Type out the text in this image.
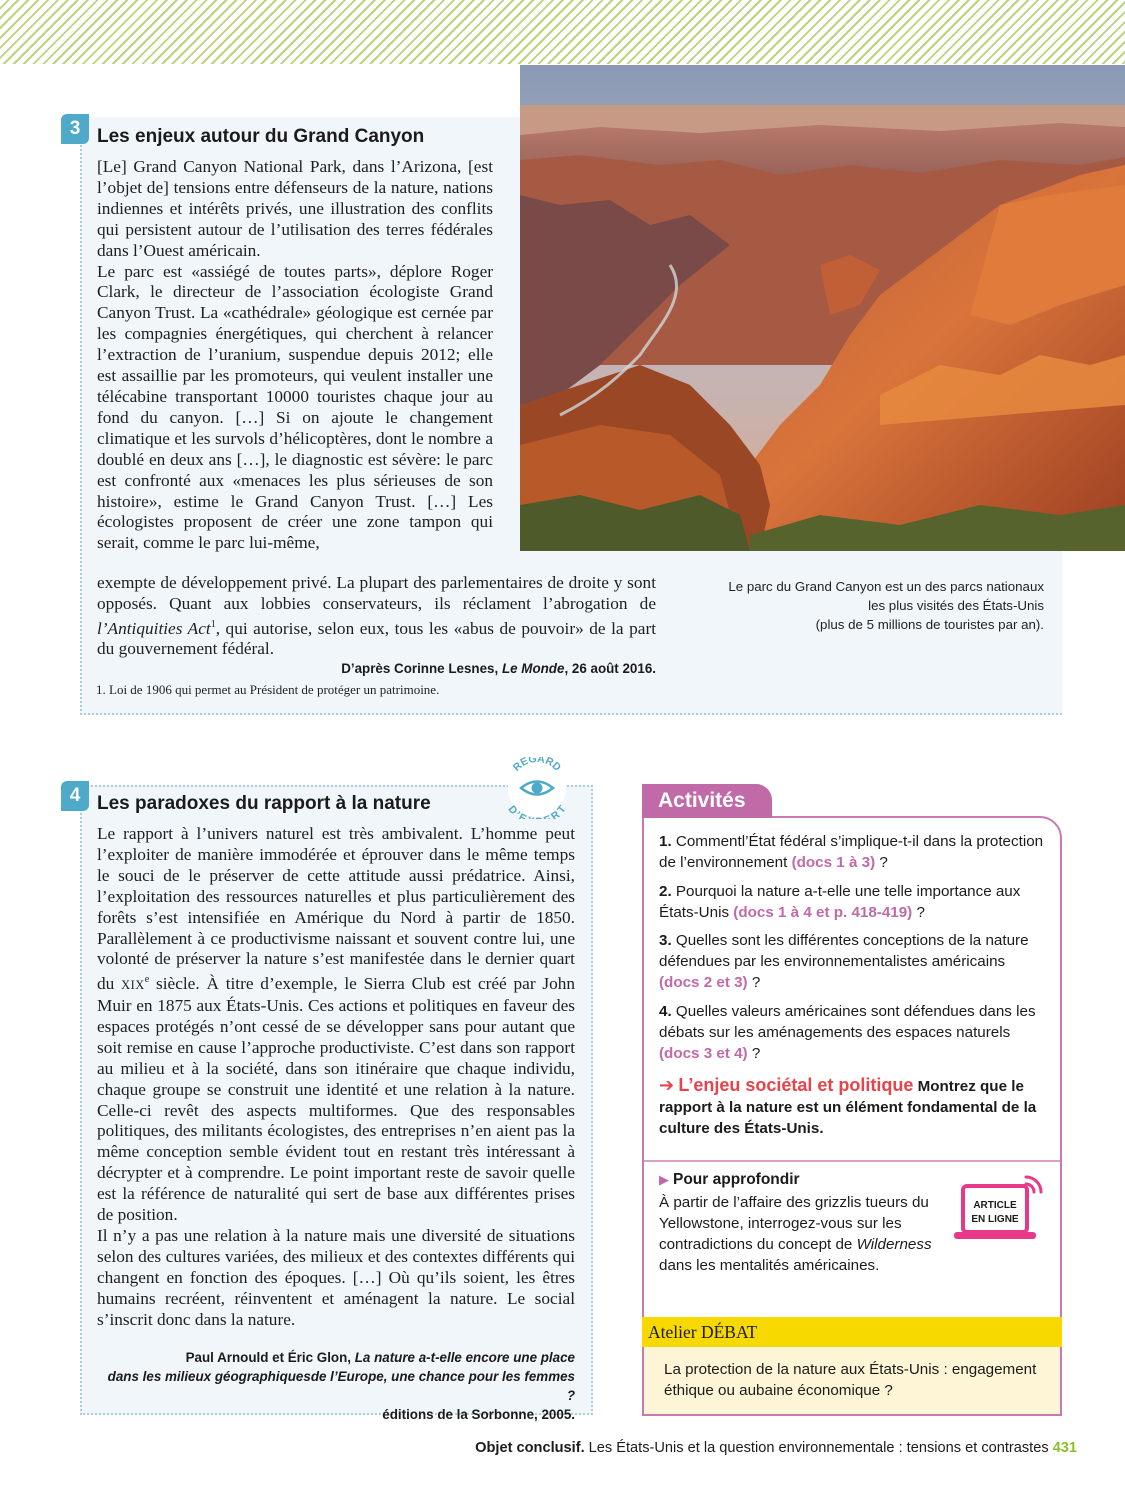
3 Les enjeux autour du Grand Canyon

[Le] Grand Canyon National Park, dans l’Arizona, [est l’objet de] tensions entre défenseurs de la nature, nations indiennes et intérêts privés, une illustration des conflits qui persistent autour de l’utilisation des terres fédérales dans l’Ouest américain.

Le parc est «assiégé de toutes parts», déplore Roger Clark, le directeur de l’association écologiste Grand Canyon Trust. La «cathédrale» géologique est cernée par les compagnies énergétiques, qui cherchent à relancer l’extraction de l’uranium, suspendue depuis 2012; elle est assaillie par les promoteurs, qui veulent installer une télécabine transportant 10000 touristes chaque jour au fond du canyon. […] Si on ajoute le changement climatique et les survols d’hélicoptères, dont le nombre a doublé en deux ans […], le diagnostic est sévère: le parc est confronté aux «menaces les plus sérieuses de son histoire», estime le Grand Canyon Trust. […] Les écologistes proposent de créer une zone tampon qui serait, comme le parc lui-même,

exempte de développement privé. La plupart des parlementaires de droite y sont opposés. Quant aux lobbies conservateurs, ils réclament l’abrogation de l’Antiquities Act$^1$, qui autorise, selon eux, tous les «abus de pouvoir» de la part du gouvernement fédéral.
D’après Corinne Lesnes, Le Monde, 26 août 2016.
1. Loi de 1906 qui permet au Président de protéger un patrimoine.
Le parc du Grand Canyon est un des parcs nationaux
les plus visités des États-Unis
(plus de 5 millions de touristes par an).
4 Les paradoxes du rapport à la nature
REGARD
D’E RT

Le rapport à l’univers naturel est très ambivalent. L’homme peut l’exploiter de manière immodérée et éprouver dans le même temps le souci de le préserver de cette attitude aussi prédatrice. Ainsi, l’exploitation des ressources naturelles et plus particulièrement des forêts s’est intensifiée en Amérique du Nord à partir de 1850. Parallèlement à ce productivisme naissant et souvent contre lui, une volonté de préserver la nature s’est manifestée dans le dernier quart du XIXe siècle. À titre d’exemple, le Sierra Club est créé par John Muir en 1875 aux États-Unis. Ces actions et politiques en faveur des espaces protégés n’ont cessé de se développer sans pour autant que soit remise en cause l’approche productiviste. C’est dans son rapport au milieu et à la société, dans son itinéraire que chaque individu, chaque groupe se construit une identité et une relation à la nature. Celle-ci revêt des aspects multiformes. Que des responsables politiques, des militants écologistes, des entreprises n’en aient pas la même conception semble évident tout en restant très intéressant à décrypter et à comprendre. Le point important reste de savoir quelle est la référence de naturalité qui sert de base aux différentes prises de position.

Il n’y a pas une relation à la nature mais une diversité de situations selon des cultures variées, des milieux et des contextes différents qui changent en fonction des époques. […] Où qu’ils soient, les êtres humains recréent, réinventent et aménagent la nature. Le social s’inscrit donc dans la nature.

Paul Arnould et Éric Glon, La nature a-t-elle encore une place
dans les milieux géographiquesde l’Europe, une chance pour les femmes ?
éditions de la Sorbonne, 2005.
Activités
1. Commentl’État fédéral s’implique-t-il dans la protection de l’environnement (docs 1 à 3) ?
2. Pourquoi la nature a-t-elle une telle importance aux États-Unis (docs 1 à 4 et p. 418-419) ?
3. Quelles sont les différentes conceptions de la nature défendues par les environnementalistes américains (docs 2 et 3) ?
4. Quelles valeurs américaines sont défendues dans les débats sur les aménagements des espaces naturels (docs 3 et 4) ?
➔ L’enjeu sociétal et politique Montrez que le rapport à la nature est un élément fondamental de la culture des États-Unis.
▶ Pour approfondir
À partir de l’affaire des grizzlis tueurs du Yellowstone, interrogez-vous sur les contradictions du concept de Wilderness dans les mentalités américaines.
ARTICLE
EN LIGNE
Atelier DÉBAT
La protection de la nature aux États-Unis : engagement éthique ou aubaine économique ?
Objet conclusif. Les États-Unis et la question environnementale : tensions et contrastes 431
